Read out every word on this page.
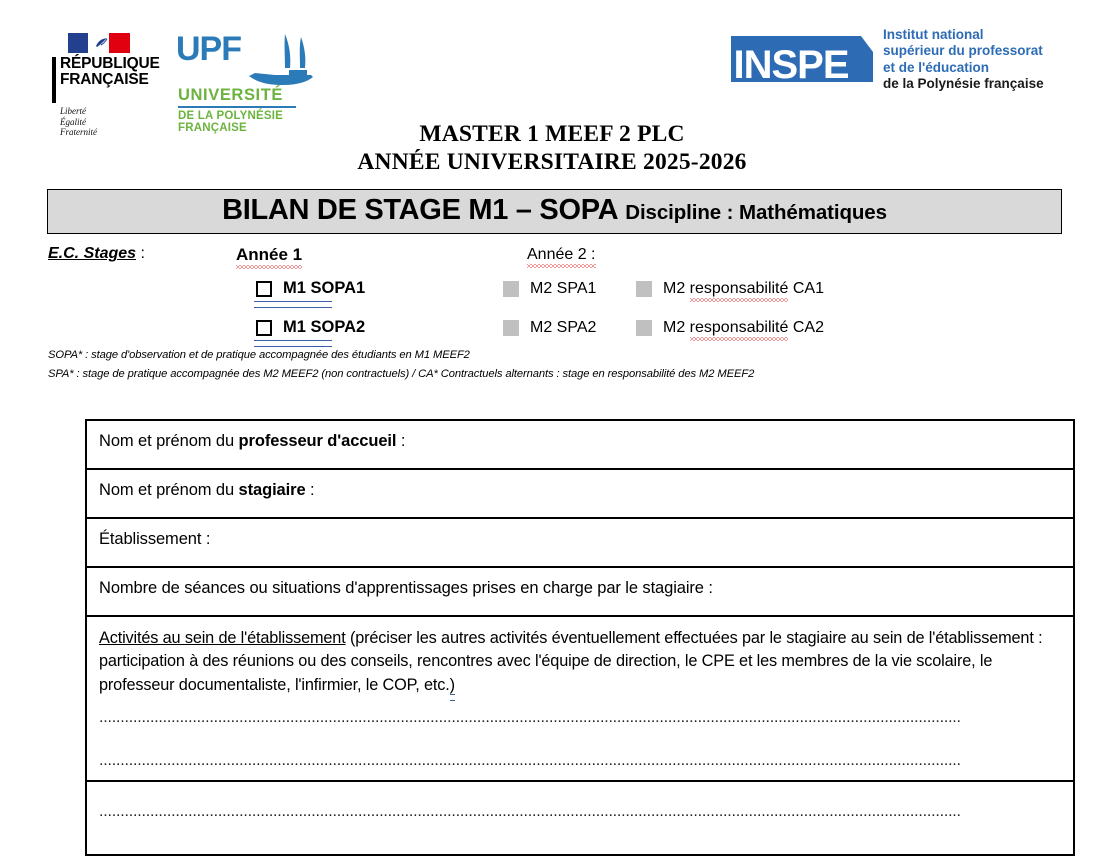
RÉPUBLIQUE
FRANÇAISE
Liberté
Égalité
Fraternité
UPF
UNIVERSITÉ
DE LA POLYNÉSIE FRANÇAISE
INSPE
Institut national
supérieur du professorat
et de l'éducation
de la Polynésie française
MASTER 1 MEEF 2 PLC
ANNÉE UNIVERSITAIRE 2025-2026
BILAN DE STAGE M1 – SOPA Discipline : Mathématiques
E.C. Stages :	Année 1	Année 2 :
M1 SOPA1
M1 SOPA2
M2 SPA1
M2 SPA2
M2 responsabilité CA1
M2 responsabilité CA2
SOPA* : stage d'observation et de pratique accompagnée des étudiants en M1 MEEF2
SPA* : stage de pratique accompagnée des M2 MEEF2 (non contractuels) / CA* Contractuels alternants : stage en responsabilité des M2 MEEF2
Nom et prénom du professeur d'accueil :
Nom et prénom du stagiaire :
Établissement :
Nombre de séances ou situations d'apprentissages prises en charge par le stagiaire :
Activités au sein de l'établissement (préciser les autres activités éventuellement effectuées par le stagiaire au sein de l'établissement : participation à des réunions ou des conseils, rencontres avec l'équipe de direction, le CPE et les membres de la vie scolaire, le professeur documentaliste, l'infirmier, le COP, etc.)
...........................................................................................................................................................................................................
...........................................................................................................................................................................................................
...........................................................................................................................................................................................................
